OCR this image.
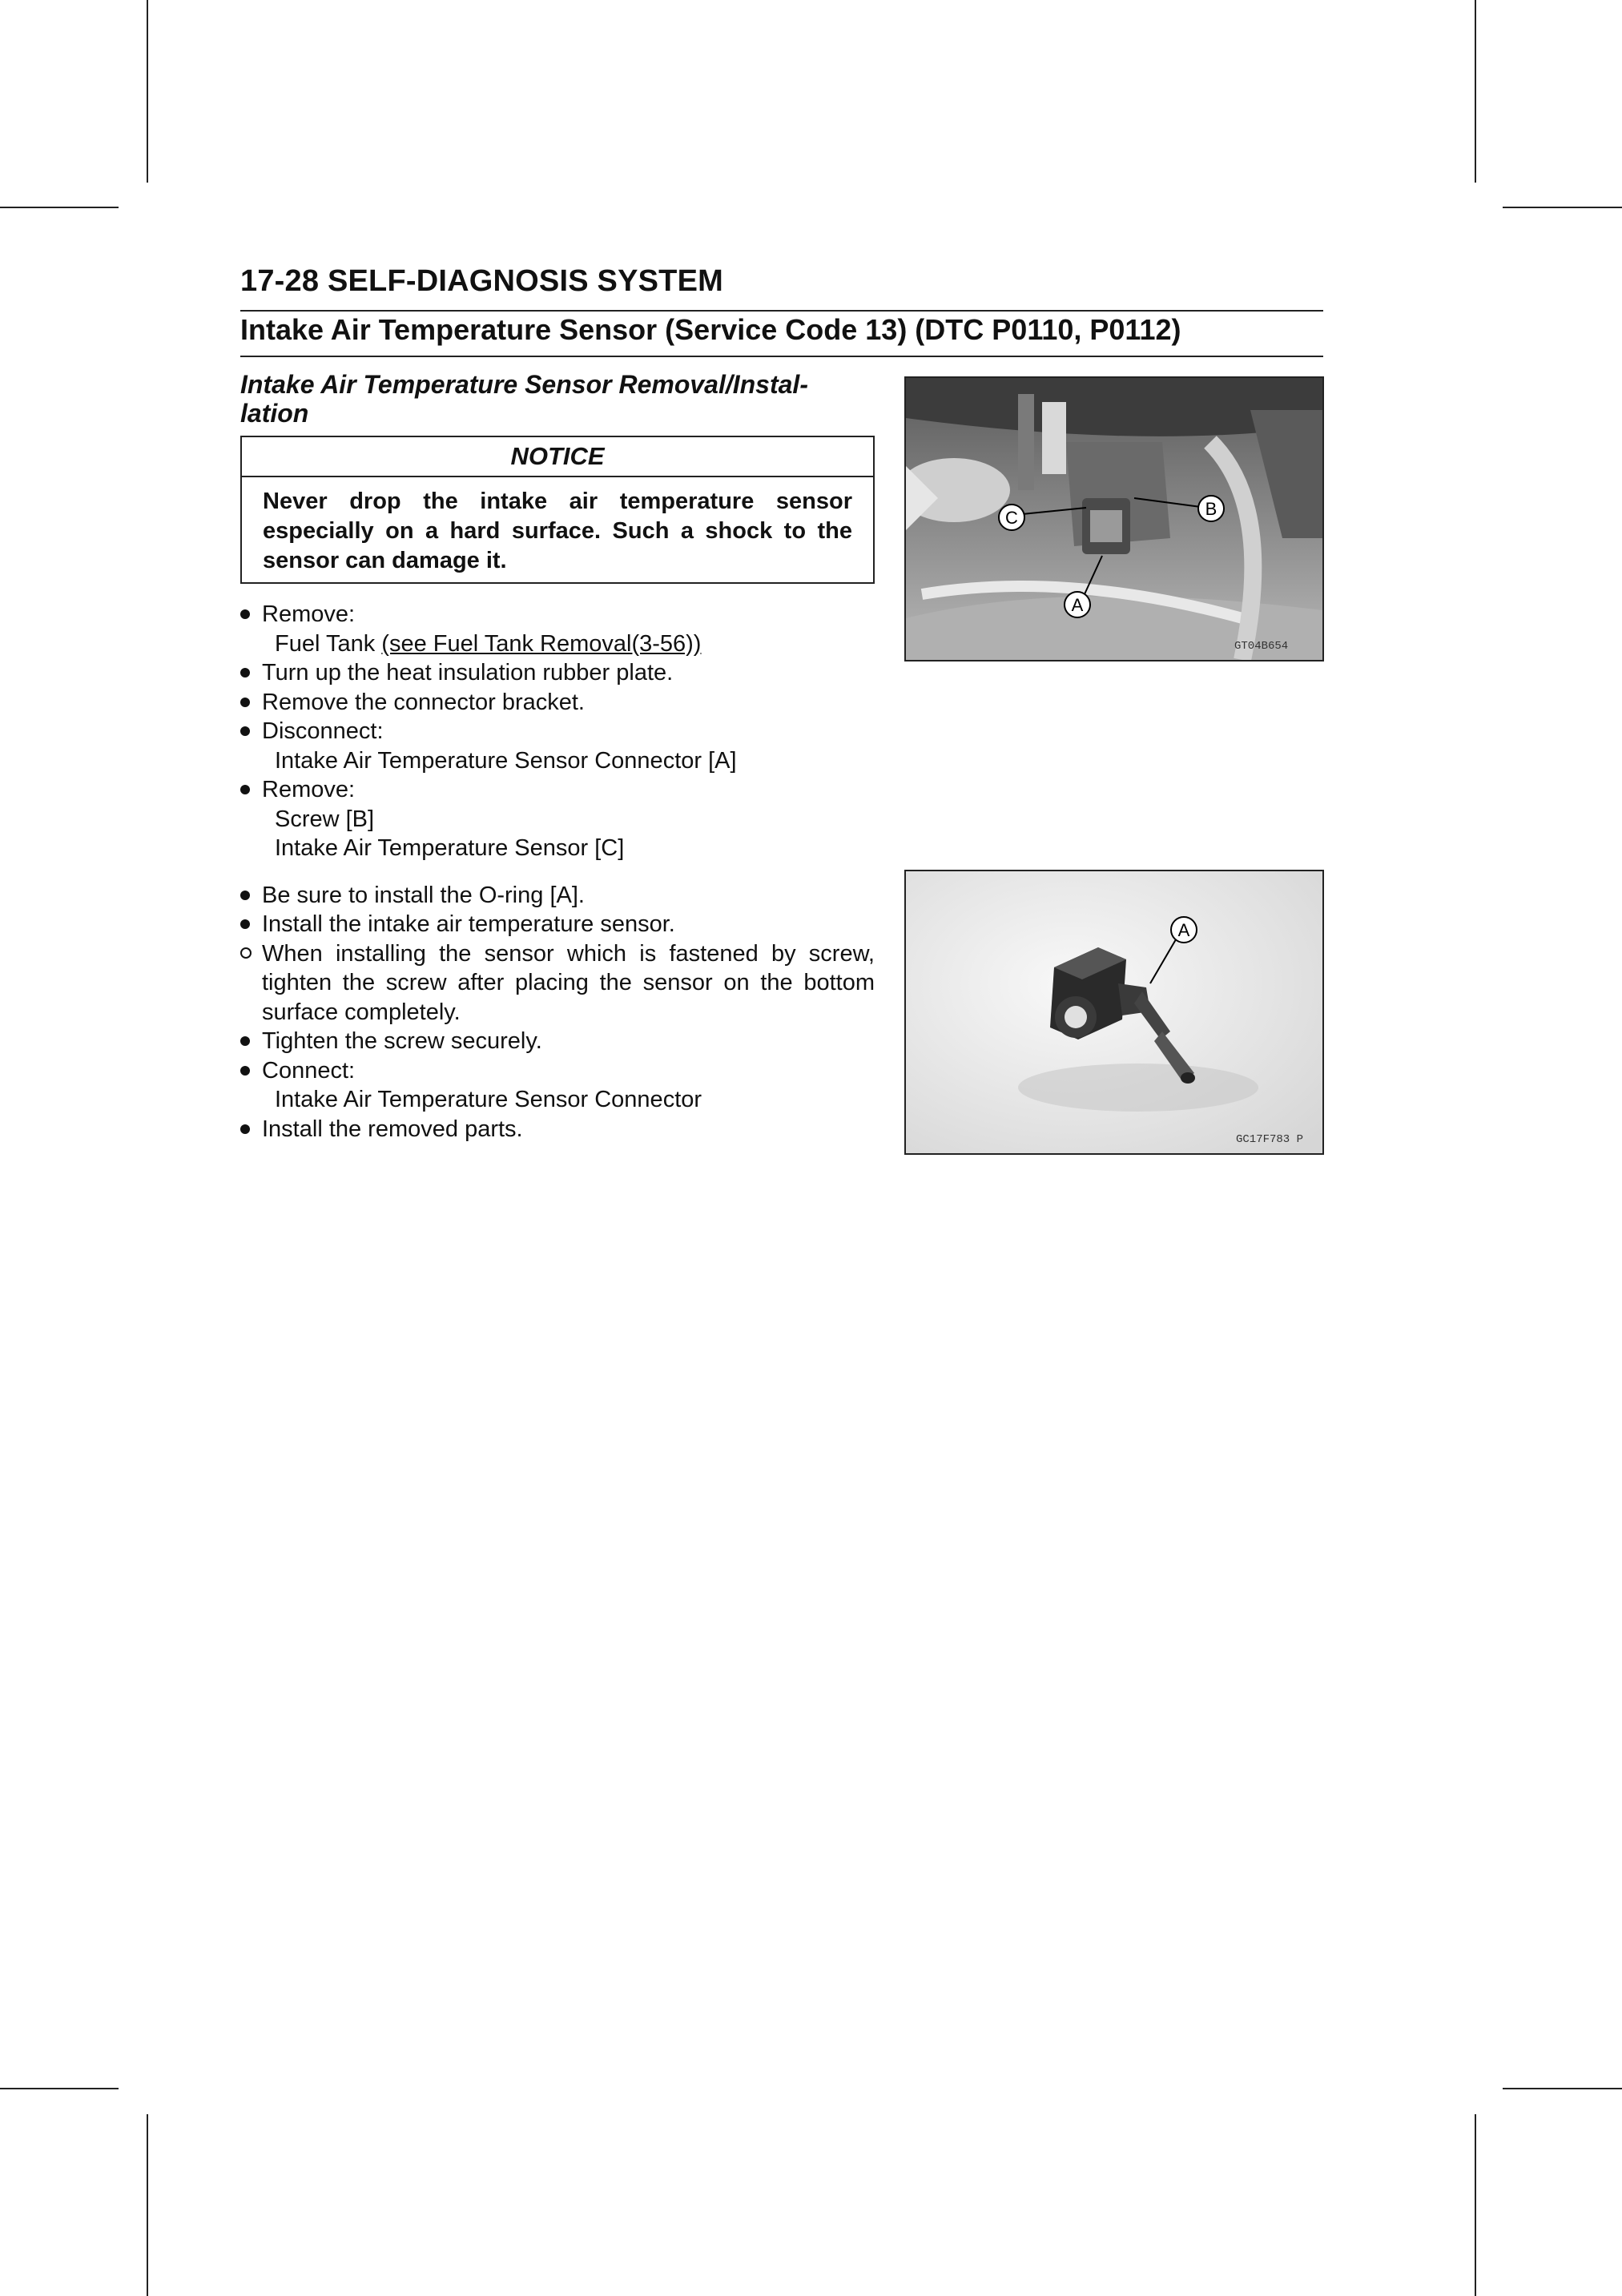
17-28 SELF-DIAGNOSIS SYSTEM
Intake Air Temperature Sensor (Service Code 13) (DTC P0110, P0112)
Intake Air Temperature Sensor Removal/Instal-
lation
NOTICE
Never drop the intake air temperature sensor especially on a hard surface. Such a shock to the sensor can damage it.
Remove:
Fuel Tank (see Fuel Tank Removal(3-56))
Turn up the heat insulation rubber plate.
Remove the connector bracket.
Disconnect:
Intake Air Temperature Sensor Connector [A]
Remove:
Screw [B]
Intake Air Temperature Sensor [C]
Be sure to install the O-ring [A].
Install the intake air temperature sensor.
When installing the sensor which is fastened by screw, tighten the screw after placing the sensor on the bottom surface completely.
Tighten the screw securely.
Connect:
Intake Air Temperature Sensor Connector
Install the removed parts.
C	B
A
GT04B654
A
GC17F783 P
